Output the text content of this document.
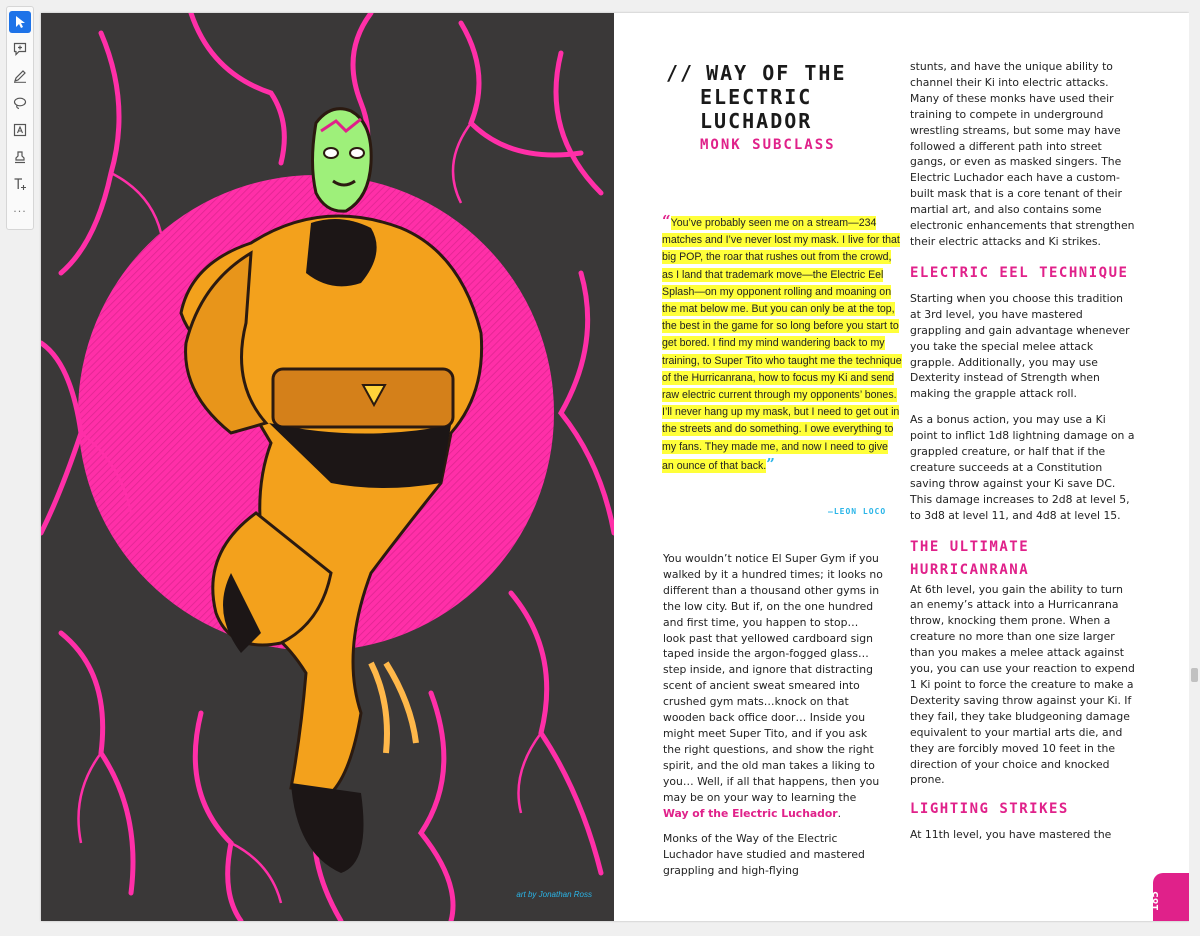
···
art by Jonathan Ross
// WAY OF THE
ELECTRIC
LUCHADOR
MONK SUBCLASS
“You’ve probably seen me on a stream—234 matches and I’ve never lost my mask. I live for that big POP, the roar that rushes out from the crowd, as I land that trademark move—the Electric Eel Splash—on my opponent rolling and moaning on the mat below me. But you can only be at the top, the best in the game for so long before you start to get bored. I find my mind wandering back to my training, to Super Tito who taught me the technique of the Hurricanrana, how to focus my Ki and send raw electric current through my opponents’ bones. I’ll never hang up my mask, but I need to get out in the streets and do something. I owe everything to my fans. They made me, and now I need to give an ounce of that back.”
—LEON LOCO

You wouldn’t notice El Super Gym if you walked by it a hundred times; it looks no different than a thousand other gyms in the low city. But if, on the one hundred and first time, you happen to stop… look past that yellowed cardboard sign taped inside the argon-fogged glass… step inside, and ignore that distracting scent of ancient sweat smeared into crushed gym mats…knock on that wooden back office door… Inside you might meet Super Tito, and if you ask the right questions, and show the right spirit, and the old man takes a liking to you… Well, if all that happens, then you may be on your way to learning the Way of the Electric Luchador.

Monks of the Way of the Electric Luchador have studied and mastered grappling and high-flying

stunts, and have the unique ability to channel their Ki into electric attacks. Many of these monks have used their training to compete in underground wrestling streams, but some may have followed a different path into street gangs, or even as masked singers. The Electric Luchador each have a custom-built mask that is a core tenant of their martial art, and also contains some electronic enhancements that strengthen their electric attacks and Ki strikes.

ELECTRIC EEL TECHNIQUE

Starting when you choose this tradition at 3rd level, you have mastered grappling and gain advantage whenever you take the special melee attack grapple. Additionally, you may use Dexterity instead of Strength when making the grapple attack roll.

As a bonus action, you may use a Ki point to inflict 1d8 lightning damage on a grappled creature, or half that if the creature succeeds at a Constitution saving throw against your Ki save DC. This damage increases to 2d8 at level 5, to 3d8 at level 11, and 4d8 at level 15.

THE ULTIMATE HURRICANRANA

At 6th level, you gain the ability to turn an enemy’s attack into a Hurricanrana throw, knocking them prone. When a creature no more than one size larger than you makes a melee attack against you, you can use your reaction to expend 1 Ki point to force the creature to make a Dexterity saving throw against your Ki. If they fail, they take bludgeoning damage equivalent to your martial arts die, and they are forcibly moved 10 feet in the direction of your choice and knocked prone.

LIGHTING STRIKES

At 11th level, you have mastered the

185
